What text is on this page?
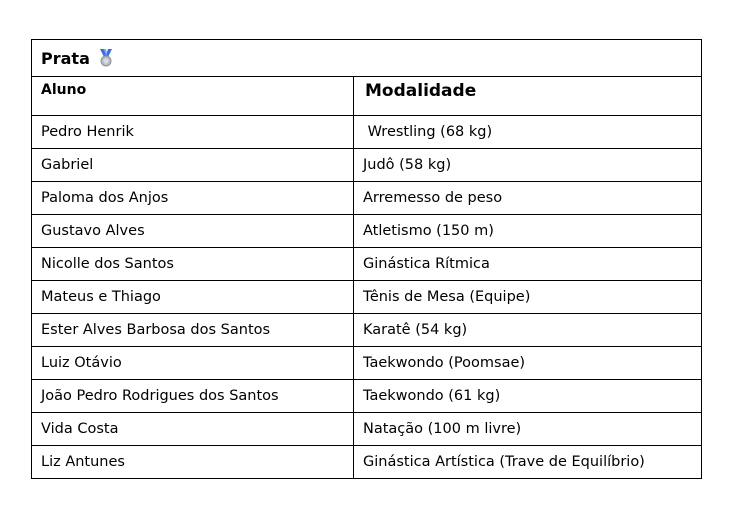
Prata	
Aluno	Modalidade
Pedro Henrik	Wrestling (68 kg)
Gabriel	Judô (58 kg)
Paloma dos Anjos	Arremesso de peso
Gustavo Alves	Atletismo (150 m)
Nicolle dos Santos	Ginástica Rítmica
Mateus e Thiago	Tênis de Mesa (Equipe)
Ester Alves Barbosa dos Santos	Karatê (54 kg)
Luiz Otávio	Taekwondo (Poomsae)
João Pedro Rodrigues dos Santos	Taekwondo (61 kg)
Vida Costa	Natação (100 m livre)
Liz Antunes	Ginástica Artística (Trave de Equilíbrio)
